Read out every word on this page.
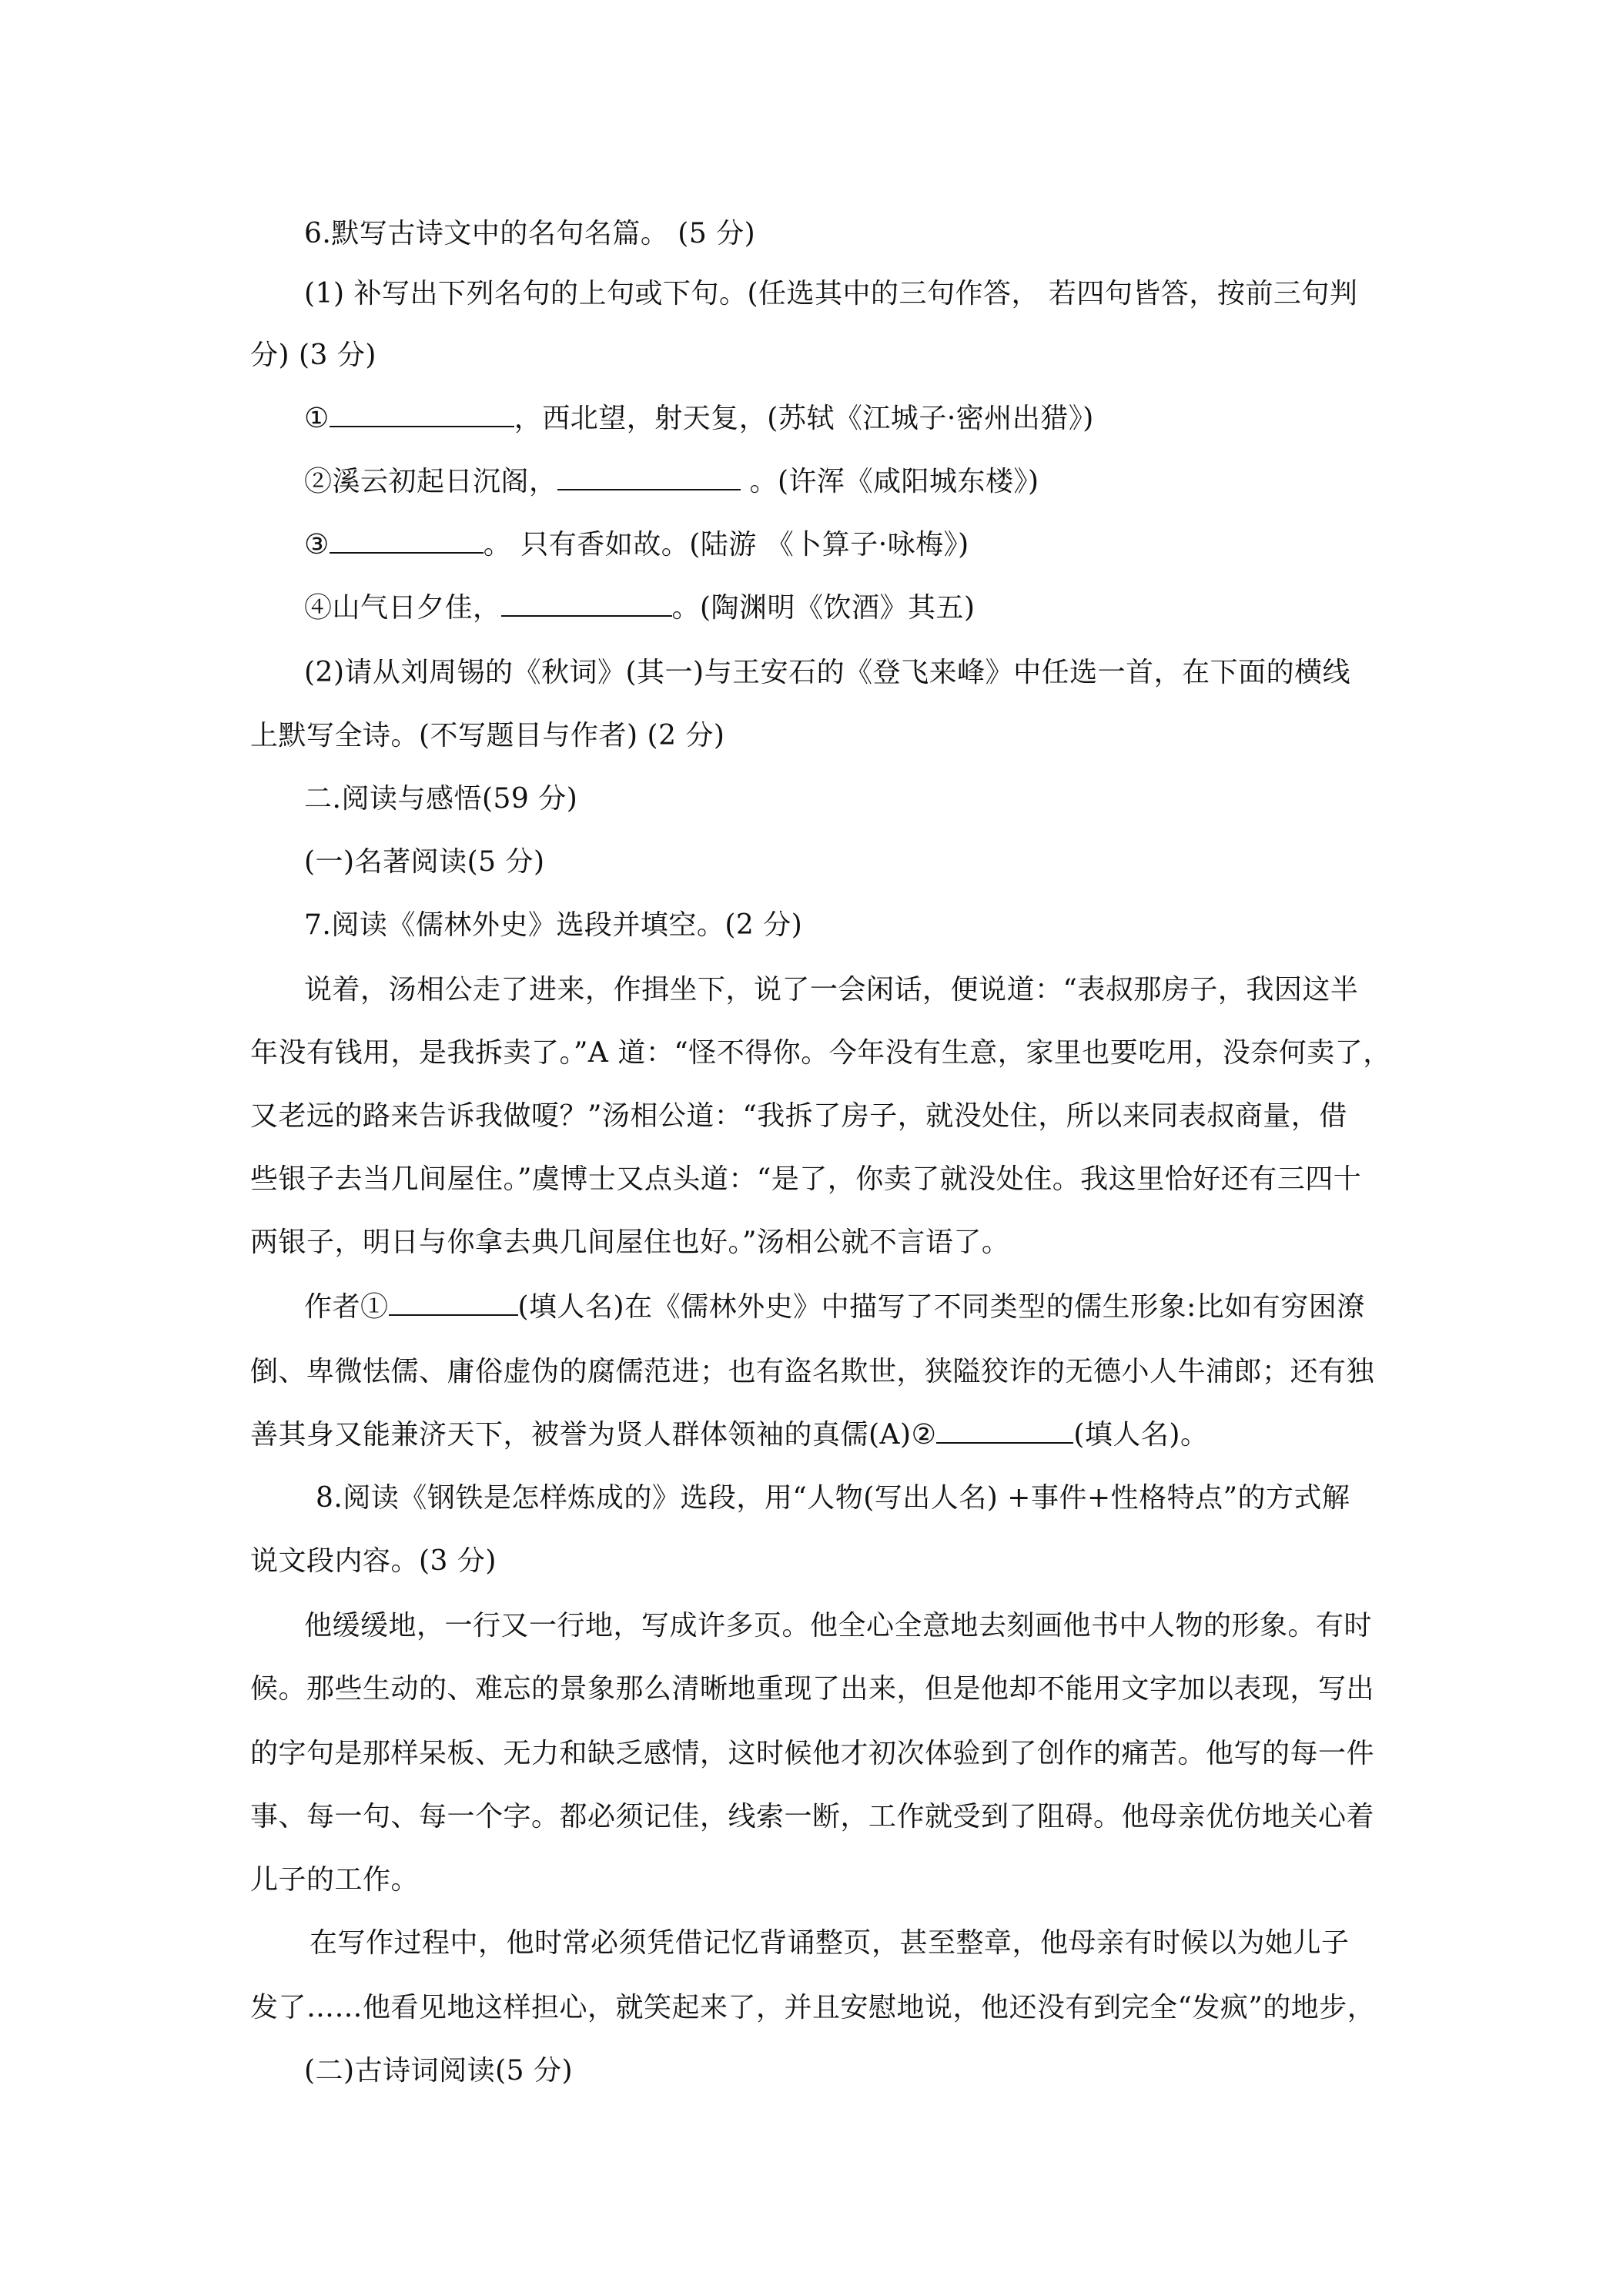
6.默写古诗文中的名句名篇。 (5 分)
(1) 补写出下列名句的上句或下句。(任选其中的三句作答， 若四句皆答，按前三句判
分) (3 分)
①	，西北望，射天复，(苏轼《江城子·密州出猎》)
②溪云初起日沉阁，	。(许浑《咸阳城东楼》)
③	。 只有香如故。(陆游 《卜算子·咏梅》)
④山气日夕佳，	。(陶渊明《饮酒》其五)
(2)请从刘周锡的《秋词》(其一)与王安石的《登飞来峰》中任选一首，在下面的横线
上默写全诗。(不写题目与作者) (2 分)
二.阅读与感悟(59 分)
(一)名著阅读(5 分)
7.阅读《儒林外史》选段并填空。(2 分)
说着，汤相公走了进来，作揖坐下，说了一会闲话，便说道：“表叔那房子，我因这半
年没有钱用，是我拆卖了。”A 道：“怪不得你。今年没有生意，家里也要吃用，没奈何卖了，
又老远的路来告诉我做嗄？”汤相公道：“我拆了房子，就没处住，所以来同表叔商量，借
些银子去当几间屋住。”虞博士又点头道：“是了，你卖了就没处住。我这里恰好还有三四十
两银子，明日与你拿去典几间屋住也好。”汤相公就不言语了。
作者①	(填人名)在《儒林外史》中描写了不同类型的儒生形象:比如有穷困潦
倒、卑微怯儒、庸俗虚伪的腐儒范进；也有盗名欺世，狭隘狡诈的无德小人牛浦郎；还有独
善其身又能兼济天下，被誉为贤人群体领袖的真儒(A)②	(填人名)。
8.阅读《钢铁是怎样炼成的》选段，用“人物(写出人名) +事件+性格特点”的方式解
说文段内容。(3 分)
他缓缓地，一行又一行地，写成许多页。他全心全意地去刻画他书中人物的形象。有时
候。那些生动的、难忘的景象那么清晰地重现了出来，但是他却不能用文字加以表现，写出
的字句是那样呆板、无力和缺乏感情，这时候他才初次体验到了创作的痛苦。他写的每一件
事、每一句、每一个字。都必须记佳，线索一断，工作就受到了阻碍。他母亲优仿地关心着
儿子的工作。
在写作过程中，他时常必须凭借记忆背诵整页，甚至整章，他母亲有时候以为她儿子
发了……他看见地这样担心，就笑起来了，并且安慰地说，他还没有到完全“发疯”的地步，
(二)古诗词阅读(5 分)
